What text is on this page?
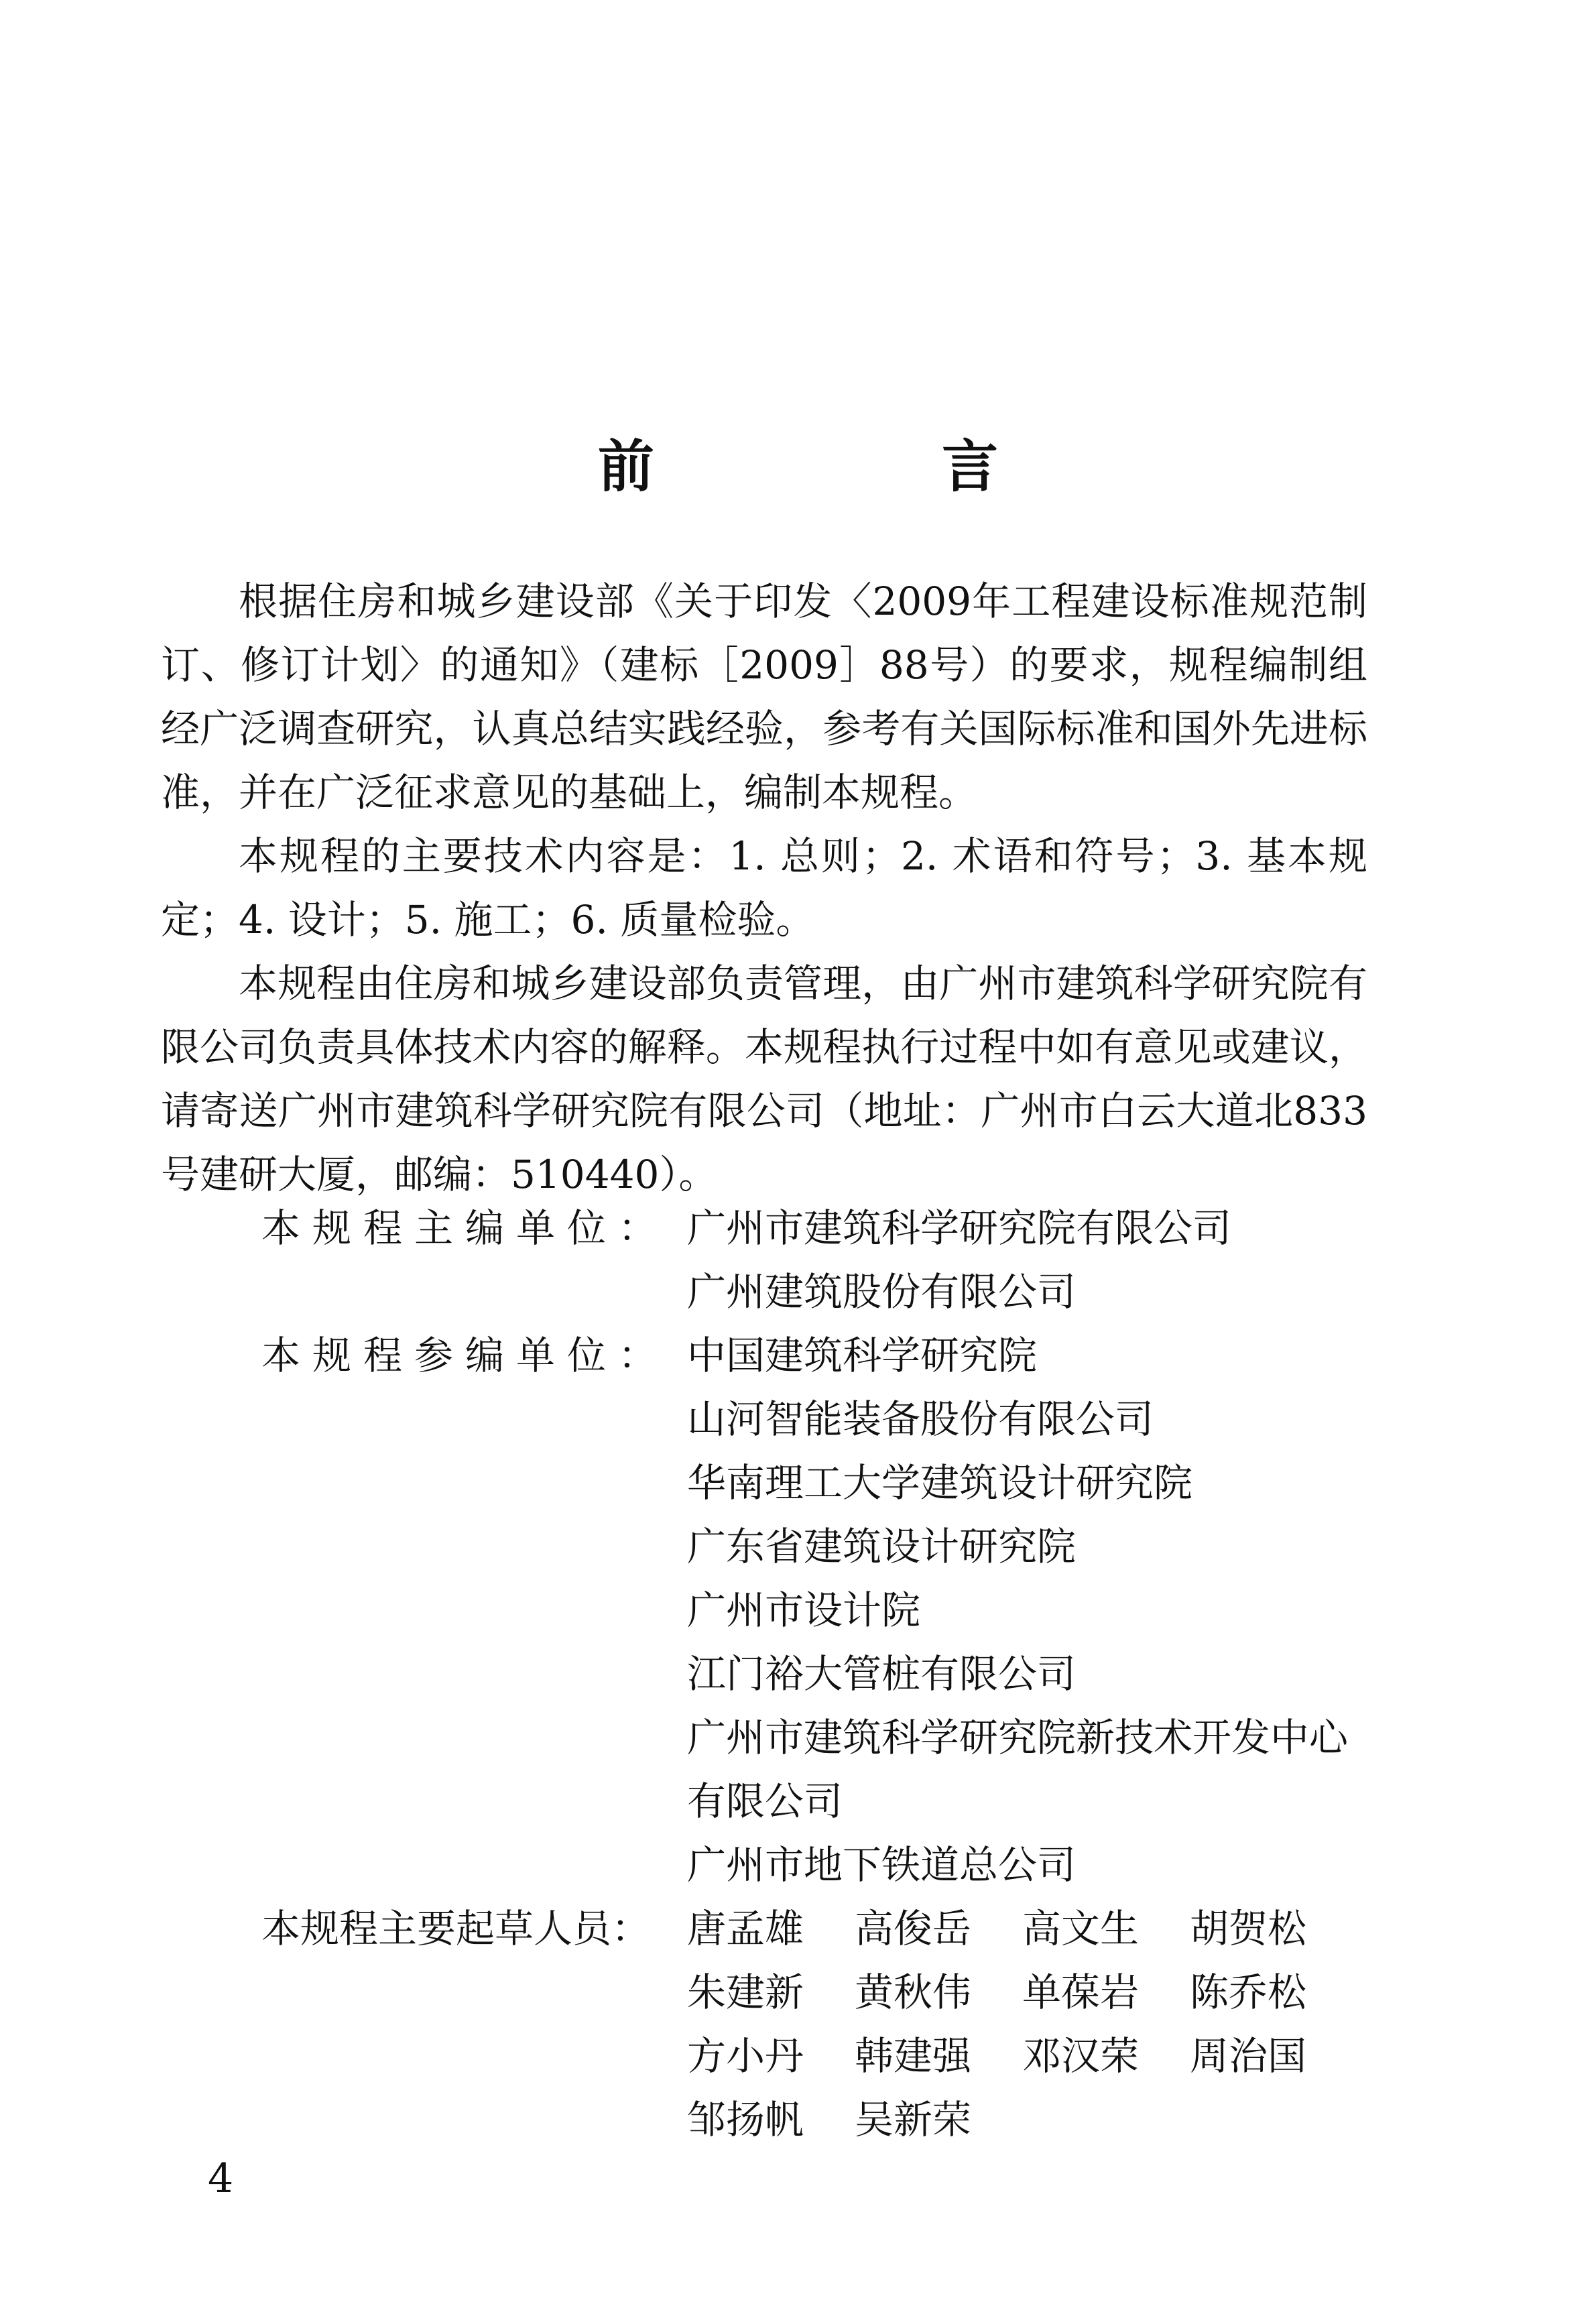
前 言

根据住房和城乡建设部《关于印发〈2009年工程建设标准规范制订、修订计划〉的通知》（建标［2009］88号）的要求，规程编制组经广泛调查研究，认真总结实践经验，参考有关国际标准和国外先进标准，并在广泛征求意见的基础上，编制本规程。

本规程的主要技术内容是：1. 总则；2. 术语和符号；3. 基本规定；4. 设计；5. 施工；6. 质量检验。

本规程由住房和城乡建设部负责管理，由广州市建筑科学研究院有限公司负责具体技术内容的解释。本规程执行过程中如有意见或建议，请寄送广州市建筑科学研究院有限公司（地址：广州市白云大道北833号建研大厦，邮编：510440）。

本规程主编单位： 广州市建筑科学研究院有限公司
广州建筑股份有限公司
本规程参编单位： 中国建筑科学研究院
山河智能装备股份有限公司
华南理工大学建筑设计研究院
广东省建筑设计研究院
广州市设计院
江门裕大管桩有限公司
广州市建筑科学研究院新技术开发中心有限公司
广州市地下铁道总公司
本规程主要起草人员： 唐孟雄	高俊岳	高文生	胡贺松
朱建新	黄秋伟	单葆岩	陈乔松
方小丹	韩建强	邓汉荣	周治国
邹扬帆	吴新荣
4
